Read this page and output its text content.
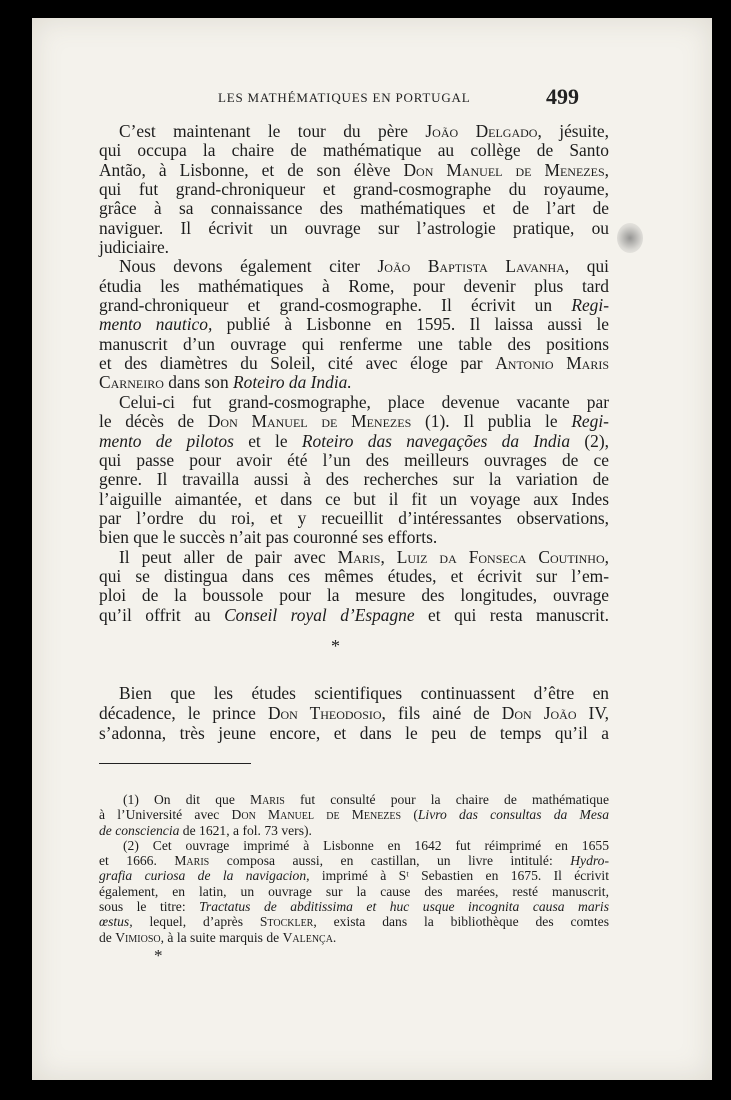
LES MATHÉMATIQUES EN PORTUGAL	499
C’est maintenant le tour du père João Delgado, jésuite,
qui occupa la chaire de mathématique au collège de Santo
Antão, à Lisbonne, et de son élève Don Manuel de Menezes,
qui fut grand-chroniqueur et grand-cosmographe du royaume,
grâce à sa connaissance des mathématiques et de l’art de
naviguer. Il écrivit un ouvrage sur l’astrologie pratique, ou
judiciaire.
Nous devons également citer João Baptista Lavanha, qui
étudia les mathématiques à Rome, pour devenir plus tard
grand-chroniqueur et grand-cosmographe. Il écrivit un Regi-
mento nautico, publié à Lisbonne en 1595. Il laissa aussi le
manuscrit d’un ouvrage qui renferme une table des positions
et des diamètres du Soleil, cité avec éloge par Antonio Maris
Carneiro dans son Roteiro da India.
Celui-ci fut grand-cosmographe, place devenue vacante par
le décès de Don Manuel de Menezes (1). Il publia le Regi-
mento de pilotos et le Roteiro das navegações da India (2),
qui passe pour avoir été l’un des meilleurs ouvrages de ce
genre. Il travailla aussi à des recherches sur la variation de
l’aiguille aimantée, et dans ce but il fit un voyage aux Indes
par l’ordre du roi, et y recueillit d’intéressantes observations,
bien que le succès n’ait pas couronné ses efforts.
Il peut aller de pair avec Maris, Luiz da Fonseca Coutinho,
qui se distingua dans ces mêmes études, et écrivit sur l’em-
ploi de la boussole pour la mesure des longitudes, ouvrage
qu’il offrit au Conseil royal d’Espagne et qui resta manuscrit.
*
Bien que les études scientifiques continuassent d’être en
décadence, le prince Don Theodosio, fils ainé de Don João IV,
s’adonna, très jeune encore, et dans le peu de temps qu’il a
(1) On dit que Maris fut consulté pour la chaire de mathématique
à l’Université avec Don Manuel de Menezes (Livro das consultas da Mesa
de consciencia de 1621, a fol. 73 vers).
(2) Cet ouvrage imprimé à Lisbonne en 1642 fut réimprimé en 1655
et 1666. Maris composa aussi, en castillan, un livre intitulé: Hydro-
grafia curiosa de la navigacion, imprimé à Sᵗ Sebastien en 1675. Il écrivit
également, en latin, un ouvrage sur la cause des marées, resté manuscrit,
sous le titre: Tractatus de abditissima et huc usque incognita causa maris
œstus, lequel, d’après Stockler, exista dans la bibliothèque des comtes
de Vimioso, à la suite marquis de Valença.
*
